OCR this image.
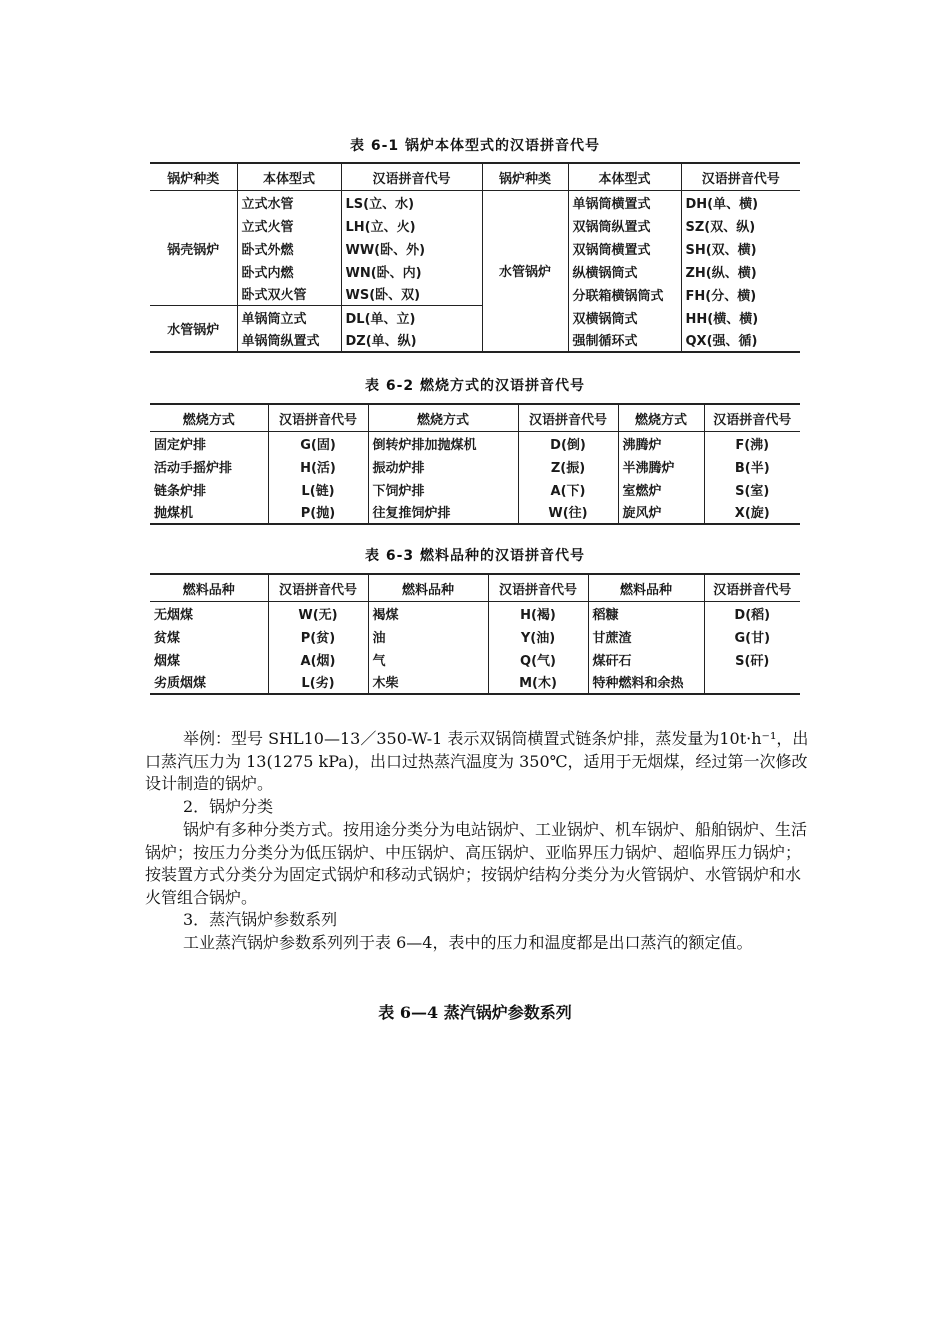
表 6-1 锅炉本体型式的汉语拼音代号
锅炉种类	本体型式	汉语拼音代号	锅炉种类	本体型式	汉语拼音代号
锅壳锅炉	立式水管	LS(立、水)	水管锅炉	单锅筒横置式	DH(单、横)
	立式火管	LH(立、火)		双锅筒纵置式	SZ(双、纵)
	卧式外燃	WW(卧、外)		双锅筒横置式	SH(双、横)
	卧式内燃	WN(卧、内)		纵横锅筒式	ZH(纵、横)
	卧式双火管	WS(卧、双)		分联箱横锅筒式	FH(分、横)
水管锅炉	单锅筒立式	DL(单、立)		双横锅筒式	HH(横、横)
	单锅筒纵置式	DZ(单、纵)		强制循环式	QX(强、循)
表 6-2 燃烧方式的汉语拼音代号
燃烧方式	汉语拼音代号	燃烧方式	汉语拼音代号	燃烧方式	汉语拼音代号
固定炉排	G(固)	倒转炉排加抛煤机	D(倒)	沸腾炉	F(沸)
活动手摇炉排	H(活)	振动炉排	Z(振)	半沸腾炉	B(半)
链条炉排	L(链)	下饲炉排	A(下)	室燃炉	S(室)
抛煤机	P(抛)	往复推饲炉排	W(往)	旋风炉	X(旋)
表 6-3 燃料品种的汉语拼音代号
燃料品种	汉语拼音代号	燃料品种	汉语拼音代号	燃料品种	汉语拼音代号
无烟煤	W(无)	褐煤	H(褐)	稻糠	D(稻)
贫煤	P(贫)	油	Y(油)	甘蔗渣	G(甘)
烟煤	A(烟)	气	Q(气)	煤矸石	S(矸)
劣质烟煤	L(劣)	木柴	M(木)	特种燃料和余热	
举例：型号 SHL10—13／350-W-1 表示双锅筒横置式链条炉排，蒸发量为10t·h⁻¹，出口蒸汽压力为 13(1275 kPa)，出口过热蒸汽温度为 350℃，适用于无烟煤，经过第一次修改设计制造的锅炉。
2．锅炉分类
锅炉有多种分类方式。按用途分类分为电站锅炉、工业锅炉、机车锅炉、船舶锅炉、生活锅炉；按压力分类分为低压锅炉、中压锅炉、高压锅炉、亚临界压力锅炉、超临界压力锅炉；按装置方式分类分为固定式锅炉和移动式锅炉；按锅炉结构分类分为火管锅炉、水管锅炉和水火管组合锅炉。
3．蒸汽锅炉参数系列
工业蒸汽锅炉参数系列列于表 6—4，表中的压力和温度都是出口蒸汽的额定值。
表 6—4 蒸汽锅炉参数系列
